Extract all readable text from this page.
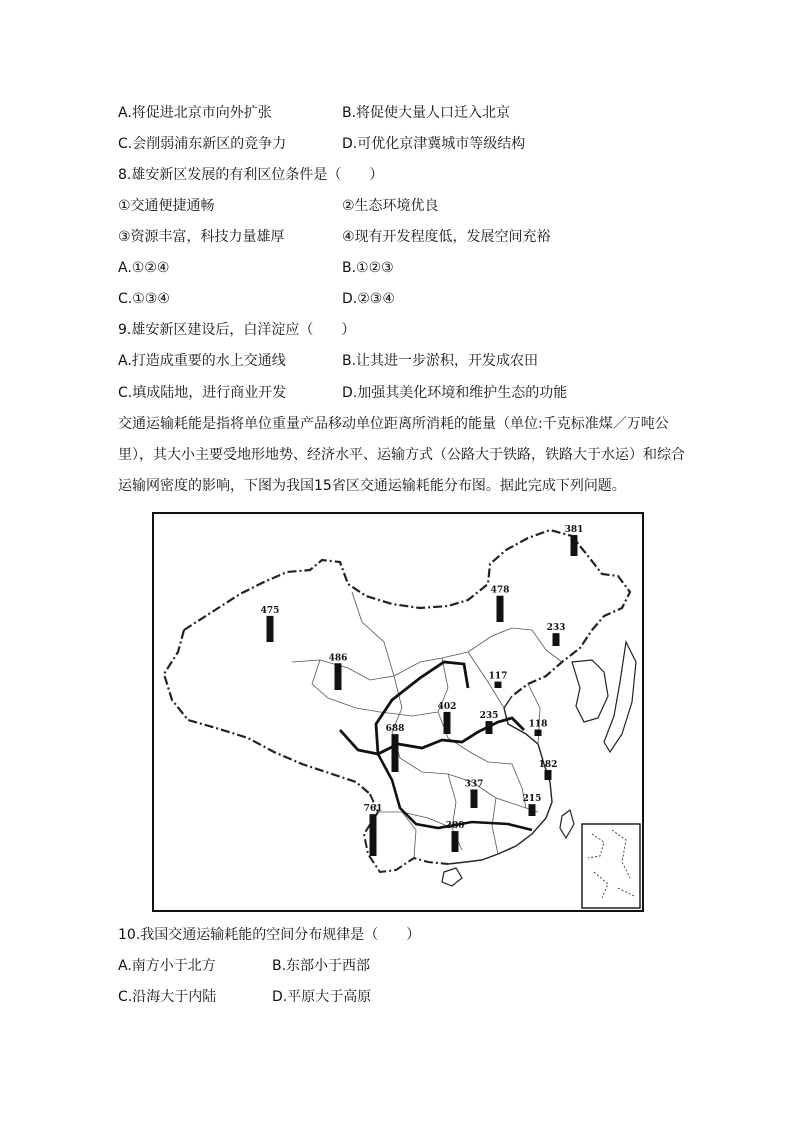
A.将促进北京市向外扩张	B.将促使大量人口迁入北京
C.会削弱浦东新区的竞争力	D.可优化京津冀城市等级结构
8.雄安新区发展的有利区位条件是（　　）
①交通便捷通畅	②生态环境优良
③资源丰富，科技力量雄厚	④现有开发程度低，发展空间充裕
A.①②④	B.①②③
C.①③④	D.②③④
9.雄安新区建设后，白洋淀应（　　）
A.打造成重要的水上交通线	B.让其进一步淤积，开发成农田
C.填成陆地，进行商业开发	D.加强其美化环境和维护生态的功能
交通运输耗能是指将单位重量产品移动单位距离所消耗的能量（单位:千克标准煤／万吨公里），其大小主要受地形地势、经济水平、运输方式（公路大于铁路，铁路大于水运）和综合运输网密度的影响，下图为我国15省区交通运输耗能分布图。据此完成下列问题。
381
478
233
475
486
117
402
235
118
688
182
337
215
761
380
10.我国交通运输耗能的空间分布规律是（　　）
A.南方小于北方	B.东部小于西部
C.沿海大于内陆	D.平原大于高原
